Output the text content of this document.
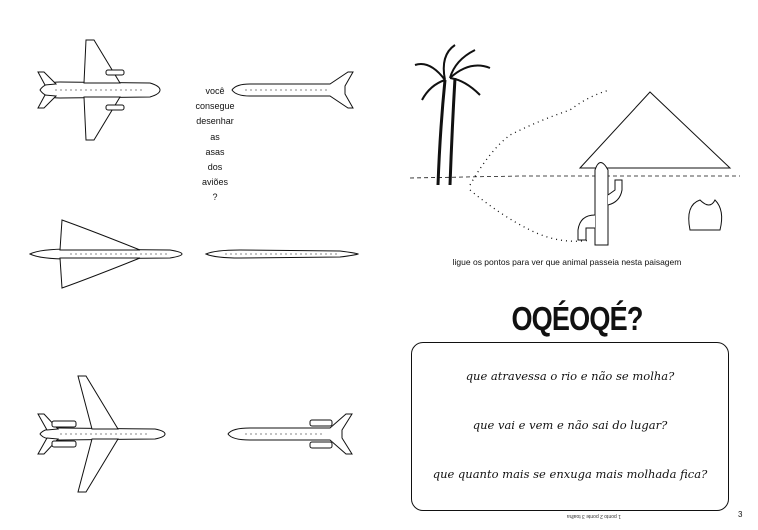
você
consegue
desenhar
as
asas
dos
aviões
?
ligue os pontos para ver que animal passeia nesta paisagem
OQÉOQÉ?
que atravessa o rio e não se molha?
que vai e vem e não sai do lugar?
que quanto mais se enxuga mais molhada fica?
1 ponto 2 ponte 3 toalha	3
